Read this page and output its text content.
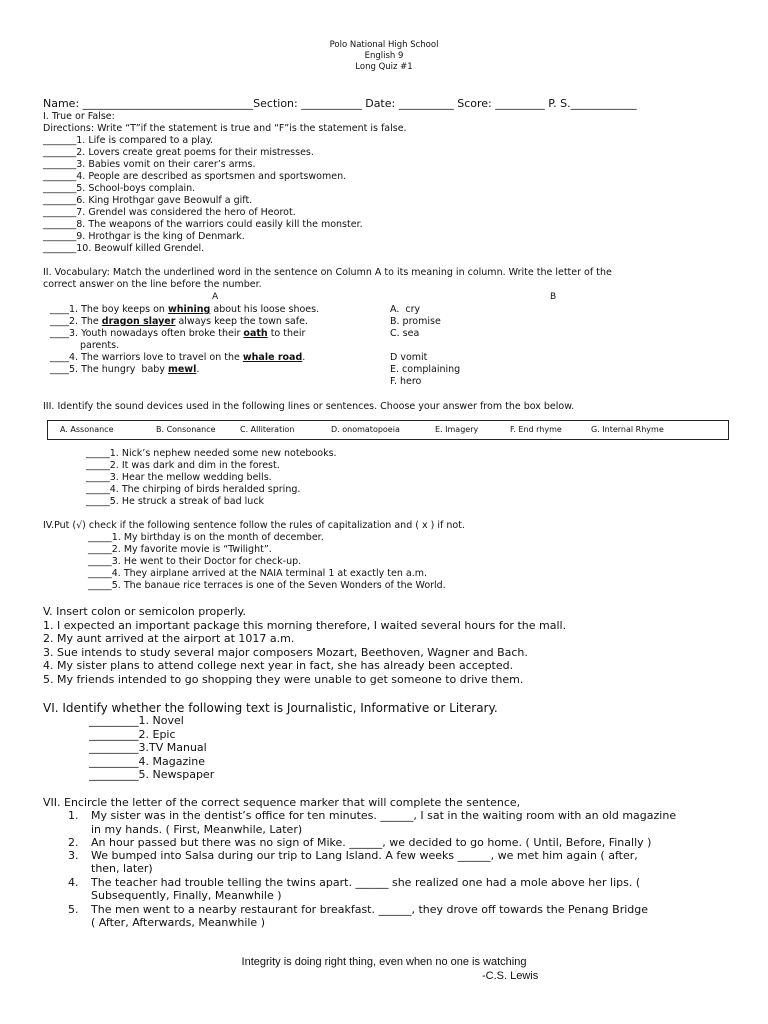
Polo National High School
English 9
Long Quiz #1
Name: _______________________________Section: ___________ Date: __________ Score: _________ P. S.____________
I. True or False:
Directions: Write “T”if the statement is true and “F”is the statement is false.
_______1. Life is compared to a play.
_______2. Lovers create great poems for their mistresses.
_______3. Babies vomit on their carer’s arms.
_______4. People are described as sportsmen and sportswomen.
_______5. School-boys complain.
_______6. King Hrothgar gave Beowulf a gift.
_______7. Grendel was considered the hero of Heorot.
_______8. The weapons of the warriors could easily kill the monster.
_______9. Hrothgar is the king of Denmark.
_______10. Beowulf killed Grendel.
II. Vocabulary: Match the underlined word in the sentence on Column A to its meaning in column. Write the letter of the
correct answer on the line before the number.
A	B
____1. The boy keeps on whining about his loose shoes.
____2. The dragon slayer always keep the town safe.
____3. Youth nowadays often broke their oath to their
parents.
____4. The warriors love to travel on the whale road.
____5. The hungry  baby mewl.
A.  cry
B. promise
C. sea
D vomit
E. complaining
F. hero
III. Identify the sound devices used in the following lines or sentences. Choose your answer from the box below.
A. Assonance	B. Consonance	C. Alliteration	D. onomatopoeia	E. Imagery	F. End rhyme	G. Internal Rhyme
_____1. Nick’s nephew needed some new notebooks.
_____2. It was dark and dim in the forest.
_____3. Hear the mellow wedding bells.
_____4. The chirping of birds heralded spring.
_____5. He struck a streak of bad luck
IV.Put (√) check if the following sentence follow the rules of capitalization and ( x ) if not.
_____1. My birthday is on the month of december.
_____2. My favorite movie is “Twilight”.
_____3. He went to their Doctor for check-up.
_____4. They airplane arrived at the NAIA terminal 1 at exactly ten a.m.
_____5. The banaue rice terraces is one of the Seven Wonders of the World.
V. Insert colon or semicolon properly.
1. I expected an important package this morning therefore, I waited several hours for the mall.
2. My aunt arrived at the airport at 1017 a.m.
3. Sue intends to study several major composers Mozart, Beethoven, Wagner and Bach.
4. My sister plans to attend college next year in fact, she has already been accepted.
5. My friends intended to go shopping they were unable to get someone to drive them.
VI. Identify whether the following text is Journalistic, Informative or Literary.
_________1. Novel
_________2. Epic
_________3.TV Manual
_________4. Magazine
_________5. Newspaper
VII. Encircle the letter of the correct sequence marker that will complete the sentence,
1. My sister was in the dentist’s office for ten minutes. ______, I sat in the waiting room with an old magazine
in my hands. ( First, Meanwhile, Later)
2. An hour passed but there was no sign of Mike. ______, we decided to go home. ( Until, Before, Finally )
3. We bumped into Salsa during our trip to Lang Island. A few weeks ______, we met him again ( after,
then, later)
4. The teacher had trouble telling the twins apart. ______ she realized one had a mole above her lips. (
Subsequently, Finally, Meanwhile )
5. The men went to a nearby restaurant for breakfast. ______, they drove off towards the Penang Bridge
( After, Afterwards, Meanwhile )
Integrity is doing right thing, even when no one is watching
-C.S. Lewis
